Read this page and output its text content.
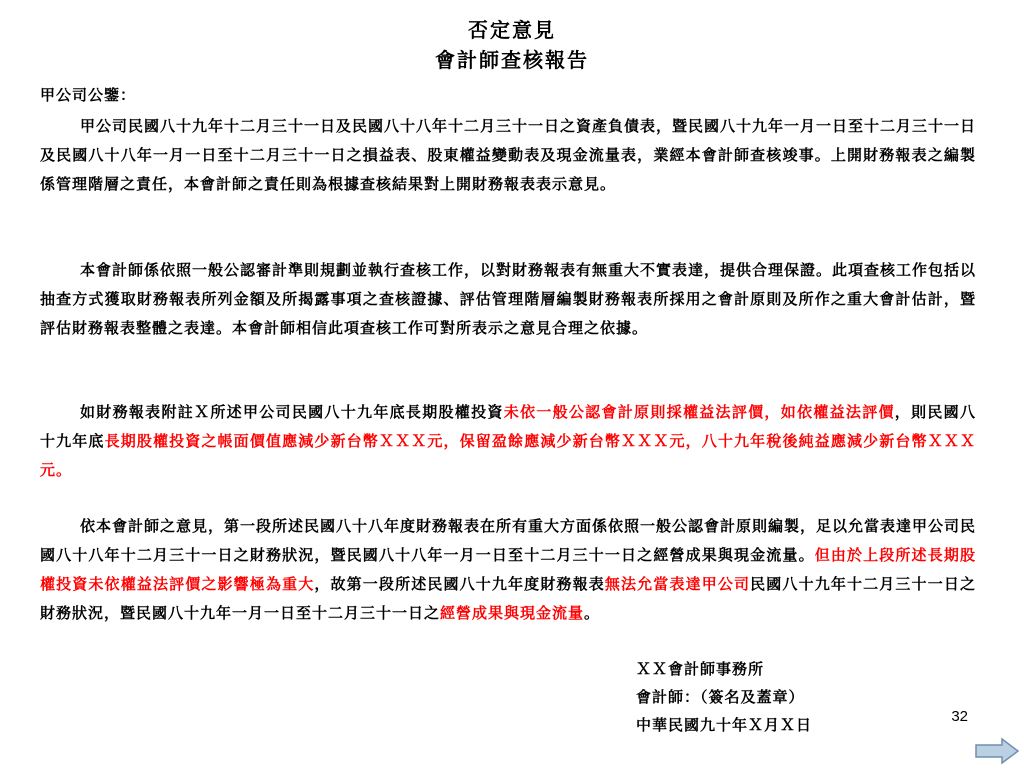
否定意見
會計師查核報告
甲公司公鑒：

甲公司民國八十九年十二月三十一日及民國八十八年十二月三十一日之資產負債表，暨民國八十九年一月一日至十二月三十一日及民國八十八年一月一日至十二月三十一日之損益表、股東權益變動表及現金流量表，業經本會計師查核竣事。上開財務報表之編製係管理階層之責任，本會計師之責任則為根據查核結果對上開財務報表表示意見。

本會計師係依照一般公認審計準則規劃並執行查核工作，以對財務報表有無重大不實表達，提供合理保證。此項查核工作包括以抽查方式獲取財務報表所列金額及所揭露事項之查核證據、評估管理階層編製財務報表所採用之會計原則及所作之重大會計估計，暨評估財務報表整體之表達。本會計師相信此項查核工作可對所表示之意見合理之依據。

如財務報表附註Ｘ所述甲公司民國八十九年底長期股權投資未依一般公認會計原則採權益法評價，如依權益法評價，則民國八十九年底長期股權投資之帳面價值應減少新台幣ＸＸＸ元，保留盈餘應減少新台幣ＸＸＸ元，八十九年稅後純益應減少新台幣ＸＸＸ元。

依本會計師之意見，第一段所述民國八十八年度財務報表在所有重大方面係依照一般公認會計原則編製，足以允當表達甲公司民國八十八年十二月三十一日之財務狀況，暨民國八十八年一月一日至十二月三十一日之經營成果與現金流量。但由於上段所述長期股權投資未依權益法評價之影響極為重大，故第一段所述民國八十九年度財務報表無法允當表達甲公司民國八十九年十二月三十一日之財務狀況，暨民國八十九年一月一日至十二月三十一日之經營成果與現金流量。

ＸＸ會計師事務所
會計師：（簽名及蓋章）
中華民國九十年Ｘ月Ｘ日	32
